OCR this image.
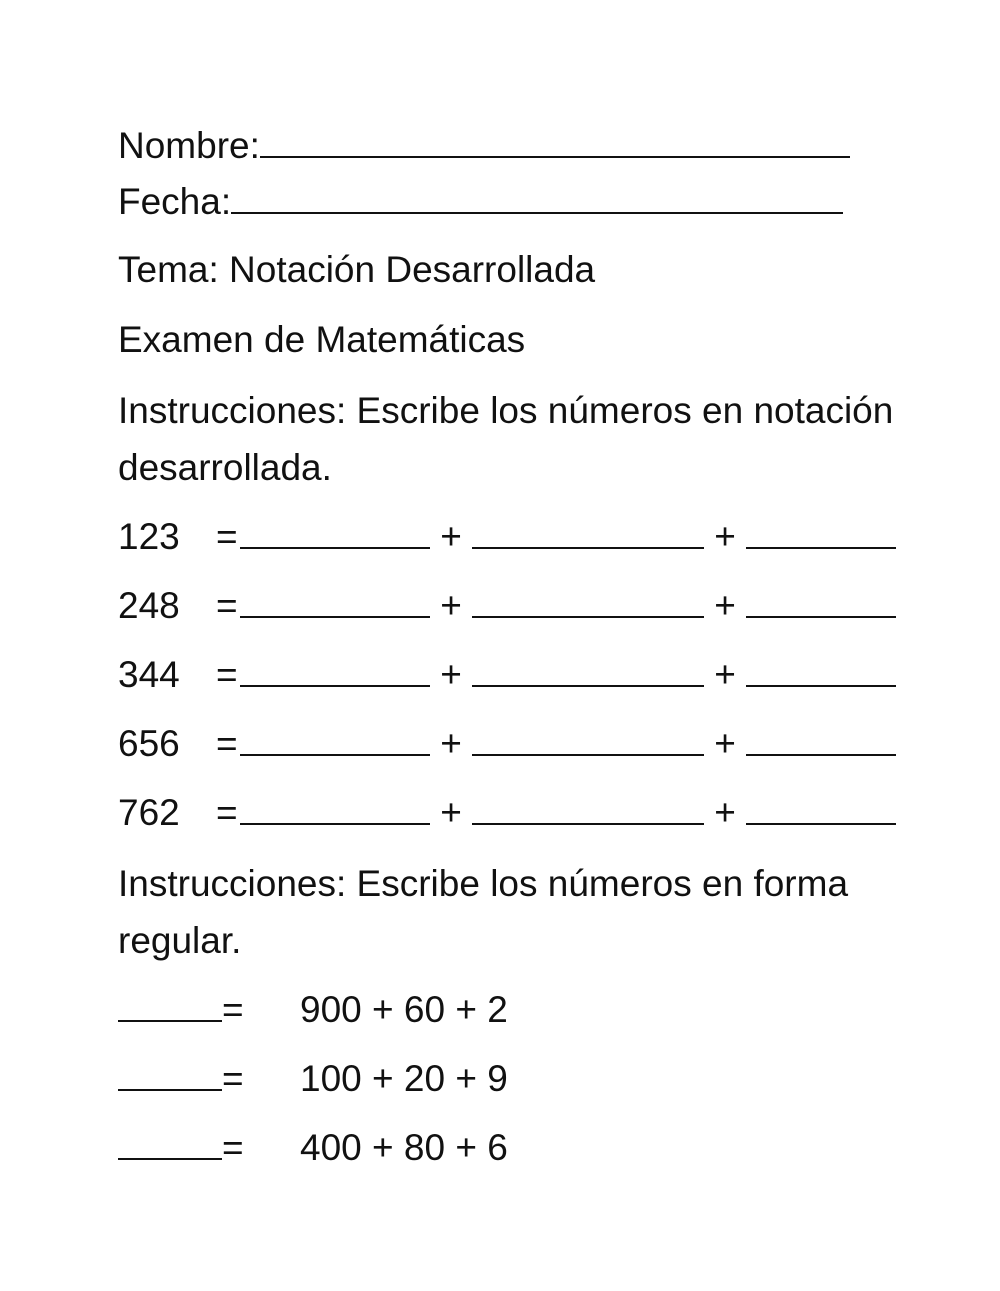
Nombre:
Fecha:
Tema: Notación Desarrollada
Examen de Matemáticas
Instrucciones: Escribe los números en notación desarrollada.
123 =	+	+
248 =	+	+
344 =	+	+
656 =	+	+
762 =	+	+
Instrucciones: Escribe los números en forma regular.
=	900 + 60 + 2
=	100 + 20 + 9
=	400 + 80 + 6
